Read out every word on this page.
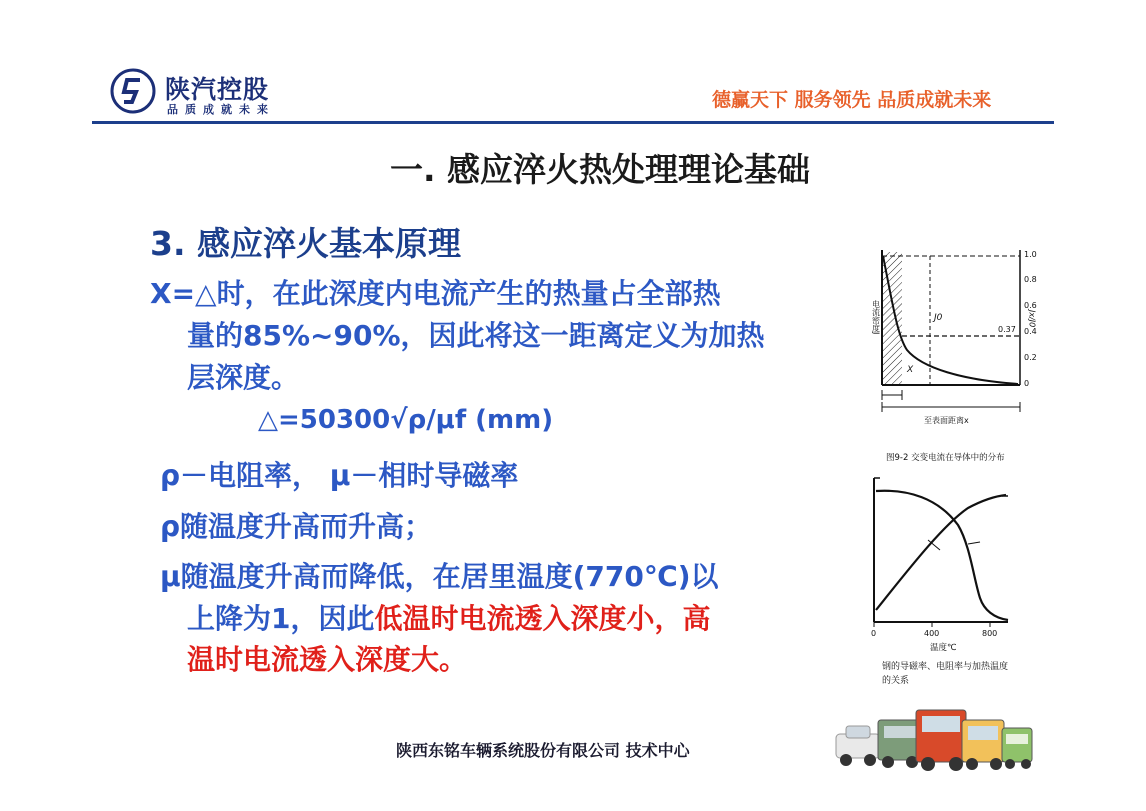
陕汽控股
品质成就未来	德赢天下 服务领先 品质成就未来
一. 感应淬火热处理理论基础
3. 感应淬火基本原理
X=△时，在此深度内电流产生的热量占全部热
量的85%~90%，因此将这一距离定义为加热
层深度。
△=50300√ρ/μf (mm)
ρ－电阻率， μ－相时导磁率
ρ随温度升高而升高；
μ随温度升高而降低，在居里温度(770℃)以
上降为1，因此低温时电流透入深度小，高
温时电流透入深度大。
电流密度J	J0
X
1.0
0.8
0.6
0.37 0.4
0.2
0
Jx/J0
至表面距离x
图9-2 交变电流在导体中的分布
0	400	800
温度℃
钢的导磁率、电阻率与加热温度
的关系
陕西东铭车辆系统股份有限公司 技术中心
